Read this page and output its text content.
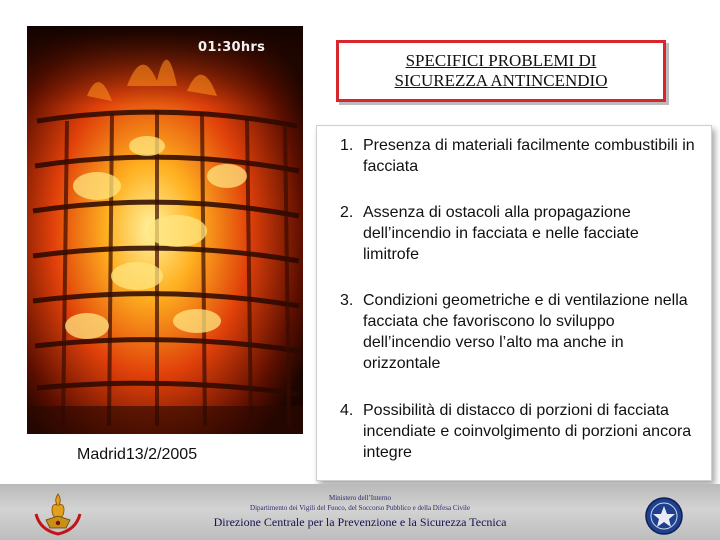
01:30hrs
SPECIFICI PROBLEMI DI
SICUREZZA ANTINCENDIO
1. Presenza di materiali facilmente combustibili in facciata
2. Assenza di ostacoli alla propagazione dell’incendio in facciata e nelle facciate limitrofe
3. Condizioni geometriche e di ventilazione nella facciata che favoriscono lo sviluppo dell’incendio verso l’alto ma anche in orizzontale
4. Possibilità di distacco di porzioni di facciata incendiate e coinvolgimento di porzioni ancora integre
Madrid13/2/2005
Ministero dell’Interno
Dipartimento dei Vigili del Fuoco, del Soccorso Pubblico e della Difesa Civile
Direzione Centrale per la Prevenzione e la Sicurezza Tecnica
